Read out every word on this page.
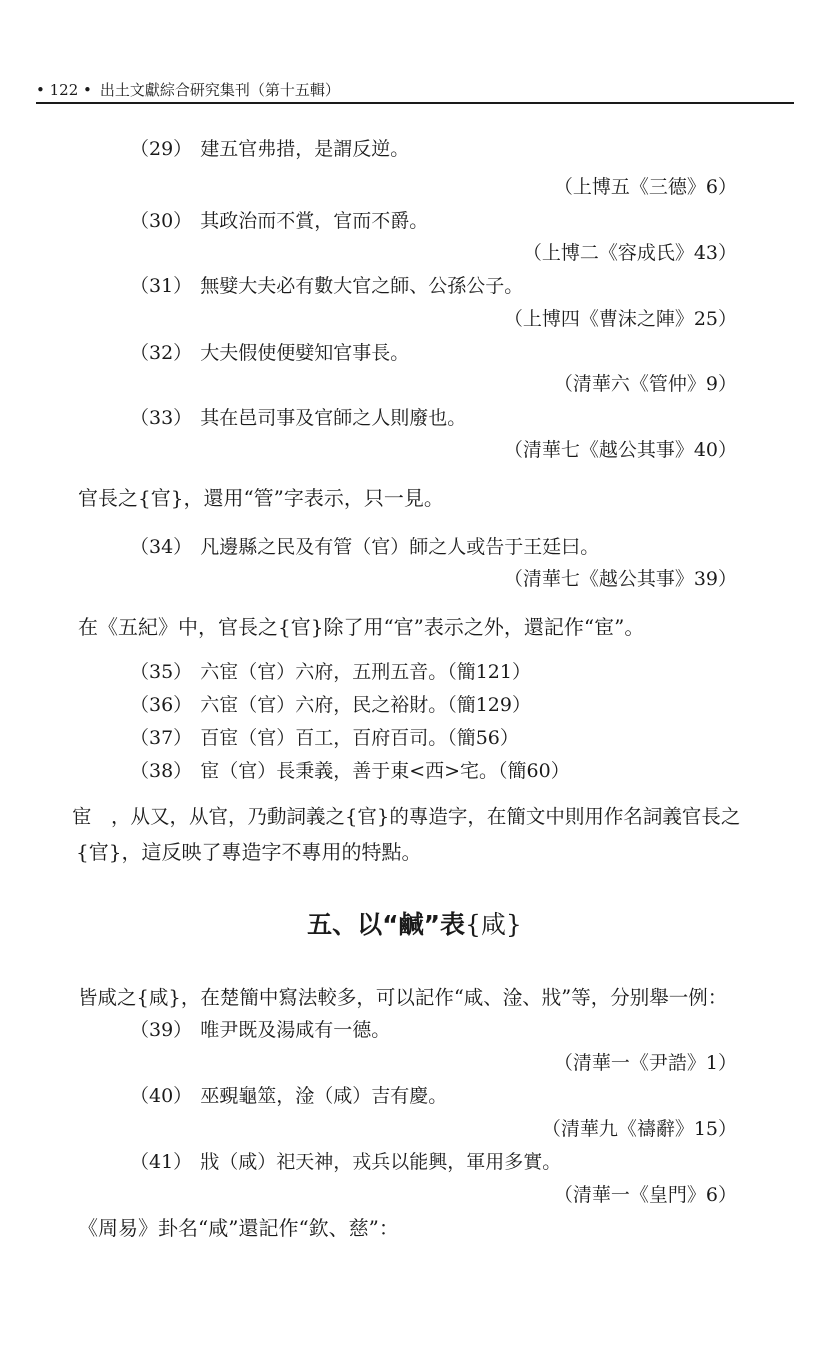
• 122 • 出土文獻綜合研究集刊（第十五輯）
（29） 建五官弗措，是謂反逆。
（上博五《三德》6）
（30） 其政治而不賞，官而不爵。
（上博二《容成氏》43）
（31） 無嬖大夫必有數大官之師、公孫公子。
（上博四《曹沫之陣》25）
（32） 大夫假使便嬖知官事長。
（清華六《管仲》9）
（33） 其在邑司事及官師之人則廢也。
（清華七《越公其事》40）
官長之{官}，還用“管”字表示，只一見。
（34） 凡邊縣之民及有管（官）師之人或告于王廷曰。
（清華七《越公其事》39）
在《五紀》中，官長之{官}除了用“官”表示之外，還記作“宦”。
（35） 六宦（官）六府，五刑五音。（簡121）
（36） 六宦（官）六府，民之裕財。（簡129）
（37） 百宦（官）百工，百府百司。（簡56）
（38） 宦（官）長秉義，善于東<西>宅。（簡60）
宦　，从又，从官，乃動詞義之{官}的專造字，在簡文中則用作名詞義官長之
{官}，這反映了專造字不專用的特點。
五、以“鹹”表{咸}
皆咸之{咸}，在楚簡中寫法較多，可以記作“咸、淦、戕”等，分别舉一例：
（39） 唯尹既及湯咸有一德。
（清華一《尹誥》1）
（40） 巫覡龜筮，淦（咸）吉有慶。
（清華九《禱辭》15）
（41） 戕（咸）祀天神，戎兵以能興，軍用多實。
（清華一《皇門》6）
《周易》卦名“咸”還記作“欽、慈”：
